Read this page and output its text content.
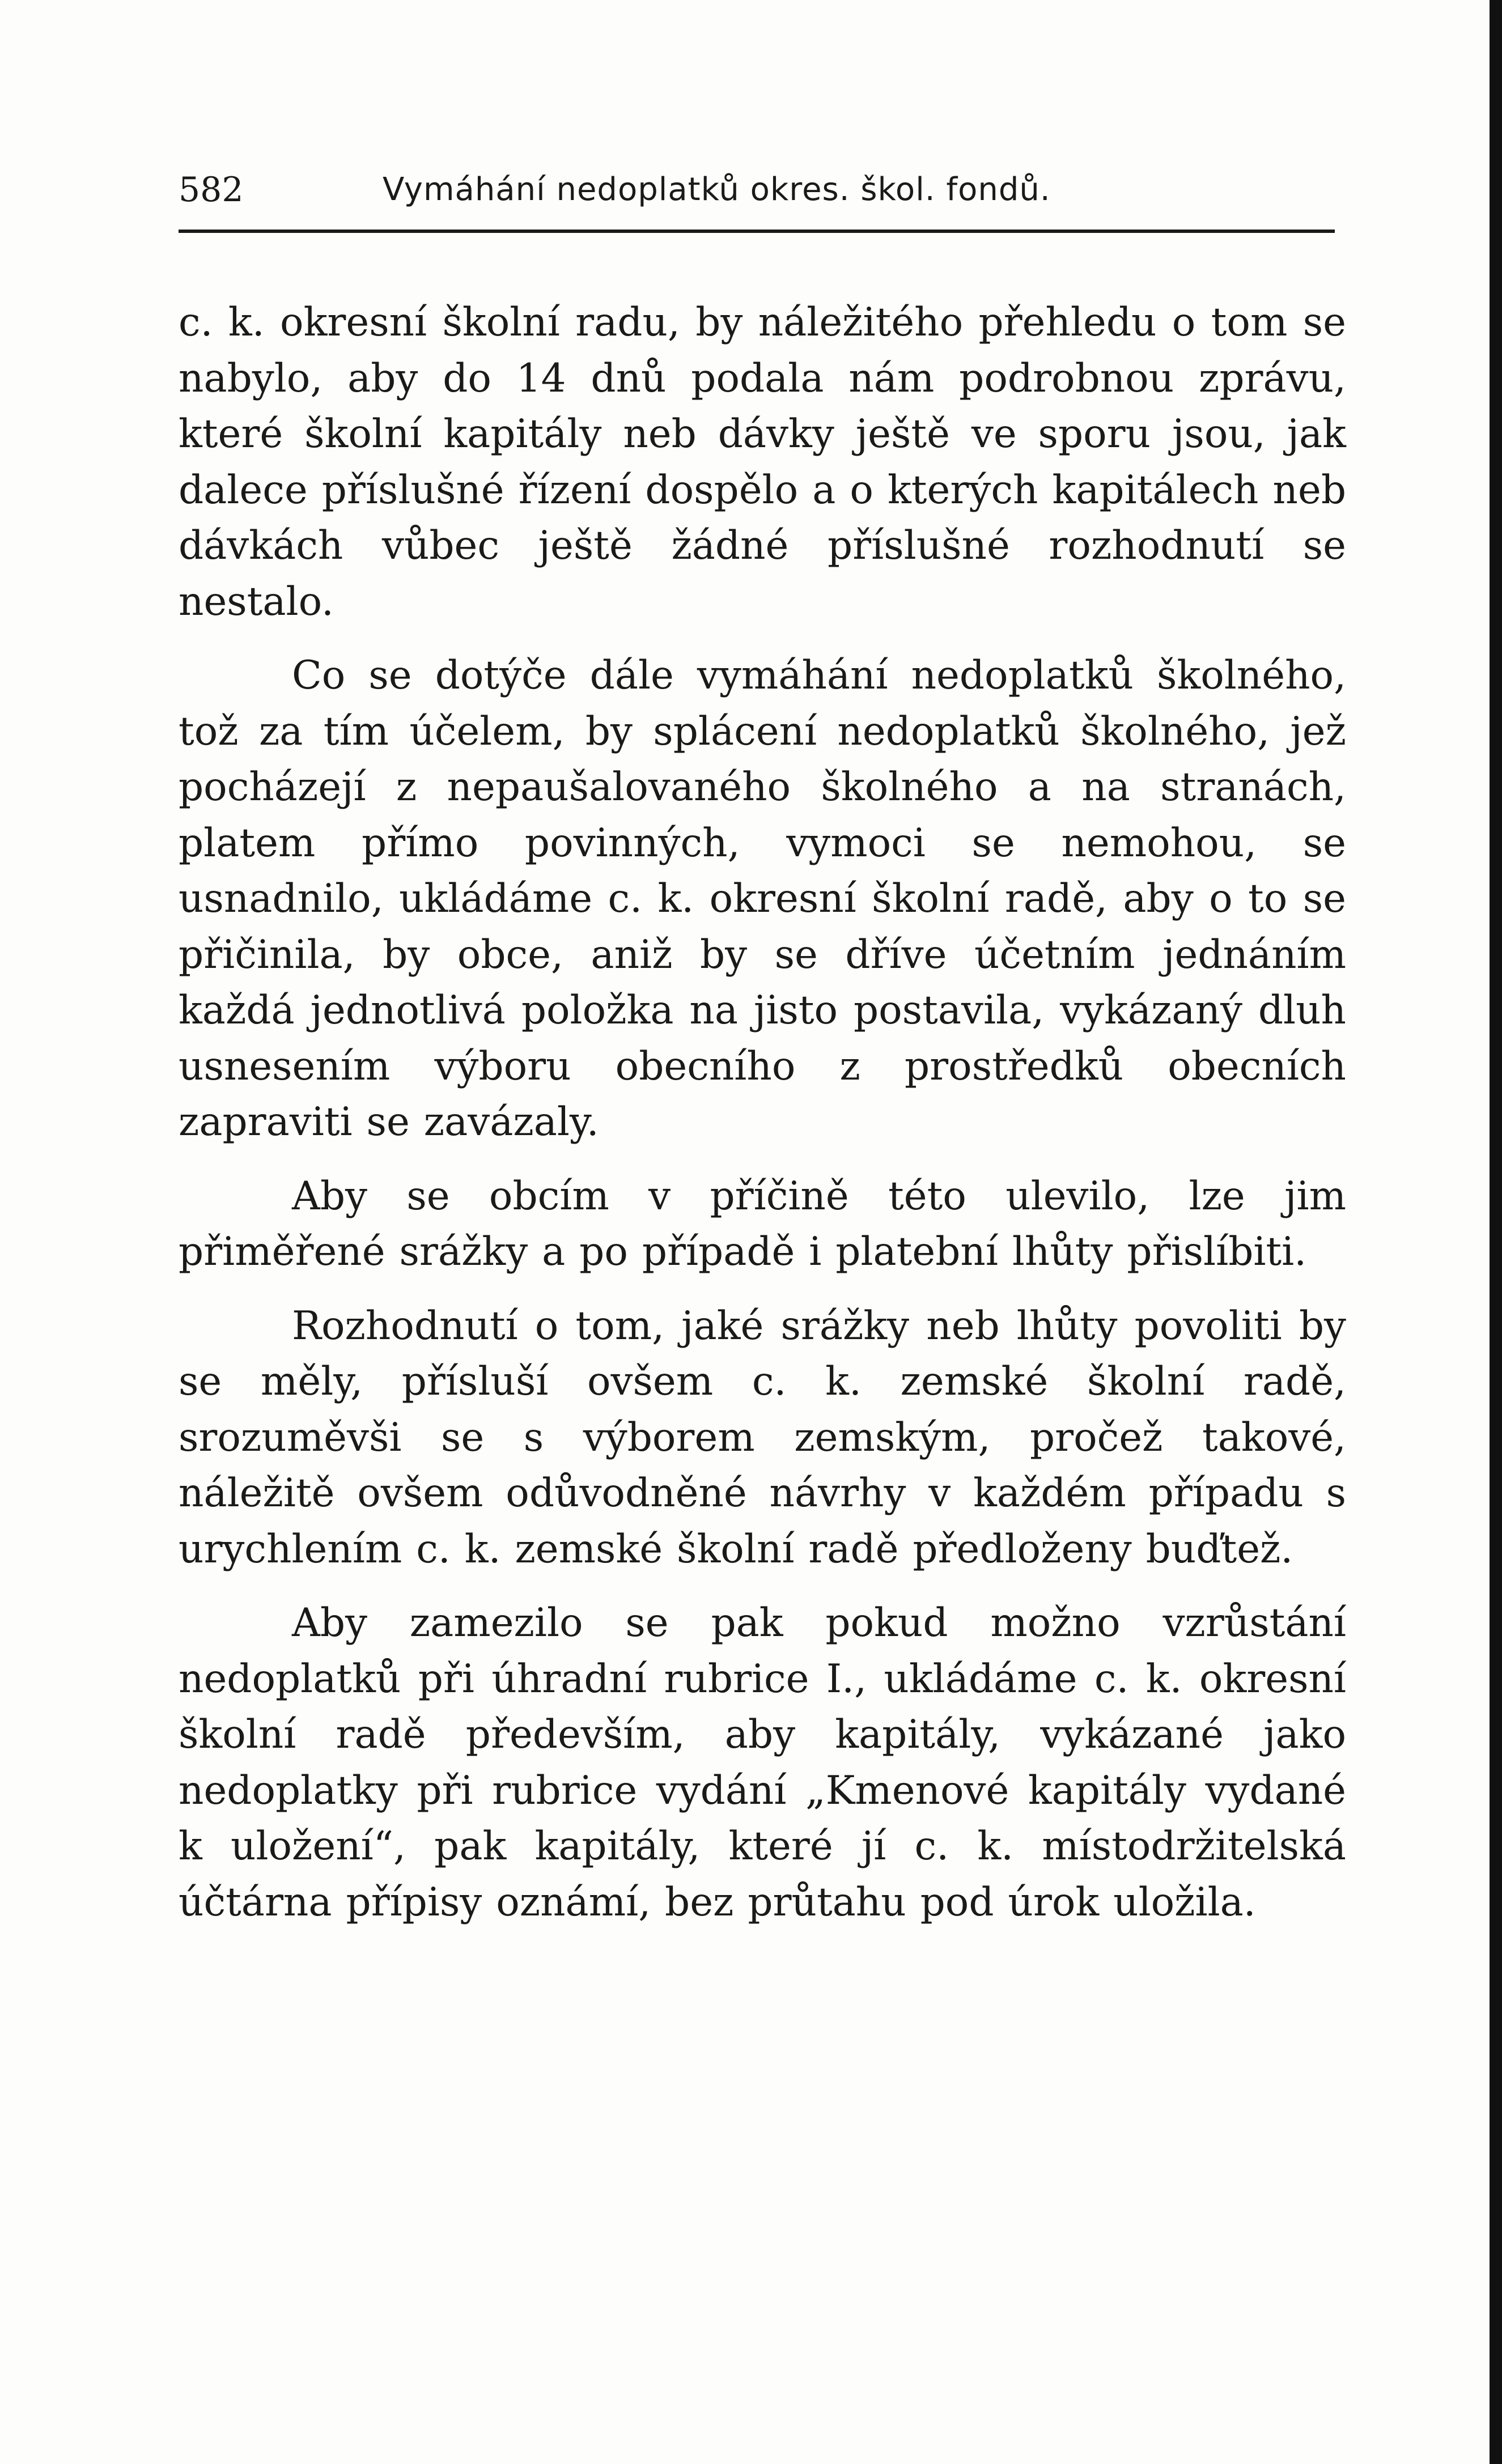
582	Vymáhání nedoplatků okres. škol. fondů.

c. k. okresní školní radu, by náležitého přehledu o tom se nabylo, aby do 14 dnů podala nám podrobnou zprávu, které školní kapitály neb dávky ještě ve sporu jsou, jak dalece příslušné řízení dospělo a o kterých kapitálech neb dávkách vůbec ještě žádné příslušné rozhodnutí se nestalo.

Co se dotýče dále vymáhání nedoplatků školného, tož za tím účelem, by splácení nedoplatků školného, jež pocházejí z nepaušalovaného školného a na stranách, platem přímo povinných, vymoci se nemohou, se usnadnilo, ukládáme c. k. okresní školní radě, aby o to se přičinila, by obce, aniž by se dříve účetním jednáním každá jednotlivá položka na jisto postavila, vykázaný dluh usnesením výboru obecního z prostředků obecních zapraviti se zavázaly.

Aby se obcím v příčině této ulevilo, lze jim přiměřené srážky a po případě i platební lhůty přislíbiti.

Rozhodnutí o tom, jaké srážky neb lhůty povoliti by se měly, přísluší ovšem c. k. zemské školní radě, srozuměvši se s výborem zemským, pročež takové, náležitě ovšem odůvodněné návrhy v každém případu s urychlením c. k. zemské školní radě předloženy buďtež.

Aby zamezilo se pak pokud možno vzrůstání nedoplatků při úhradní rubrice I., ukládáme c. k. okresní školní radě především, aby kapitály, vykázané jako nedoplatky při rubrice vydání „Kmenové kapitály vydané k uložení“, pak kapitály, které jí c. k. místodržitelská účtárna přípisy oznámí, bez průtahu pod úrok uložila.
